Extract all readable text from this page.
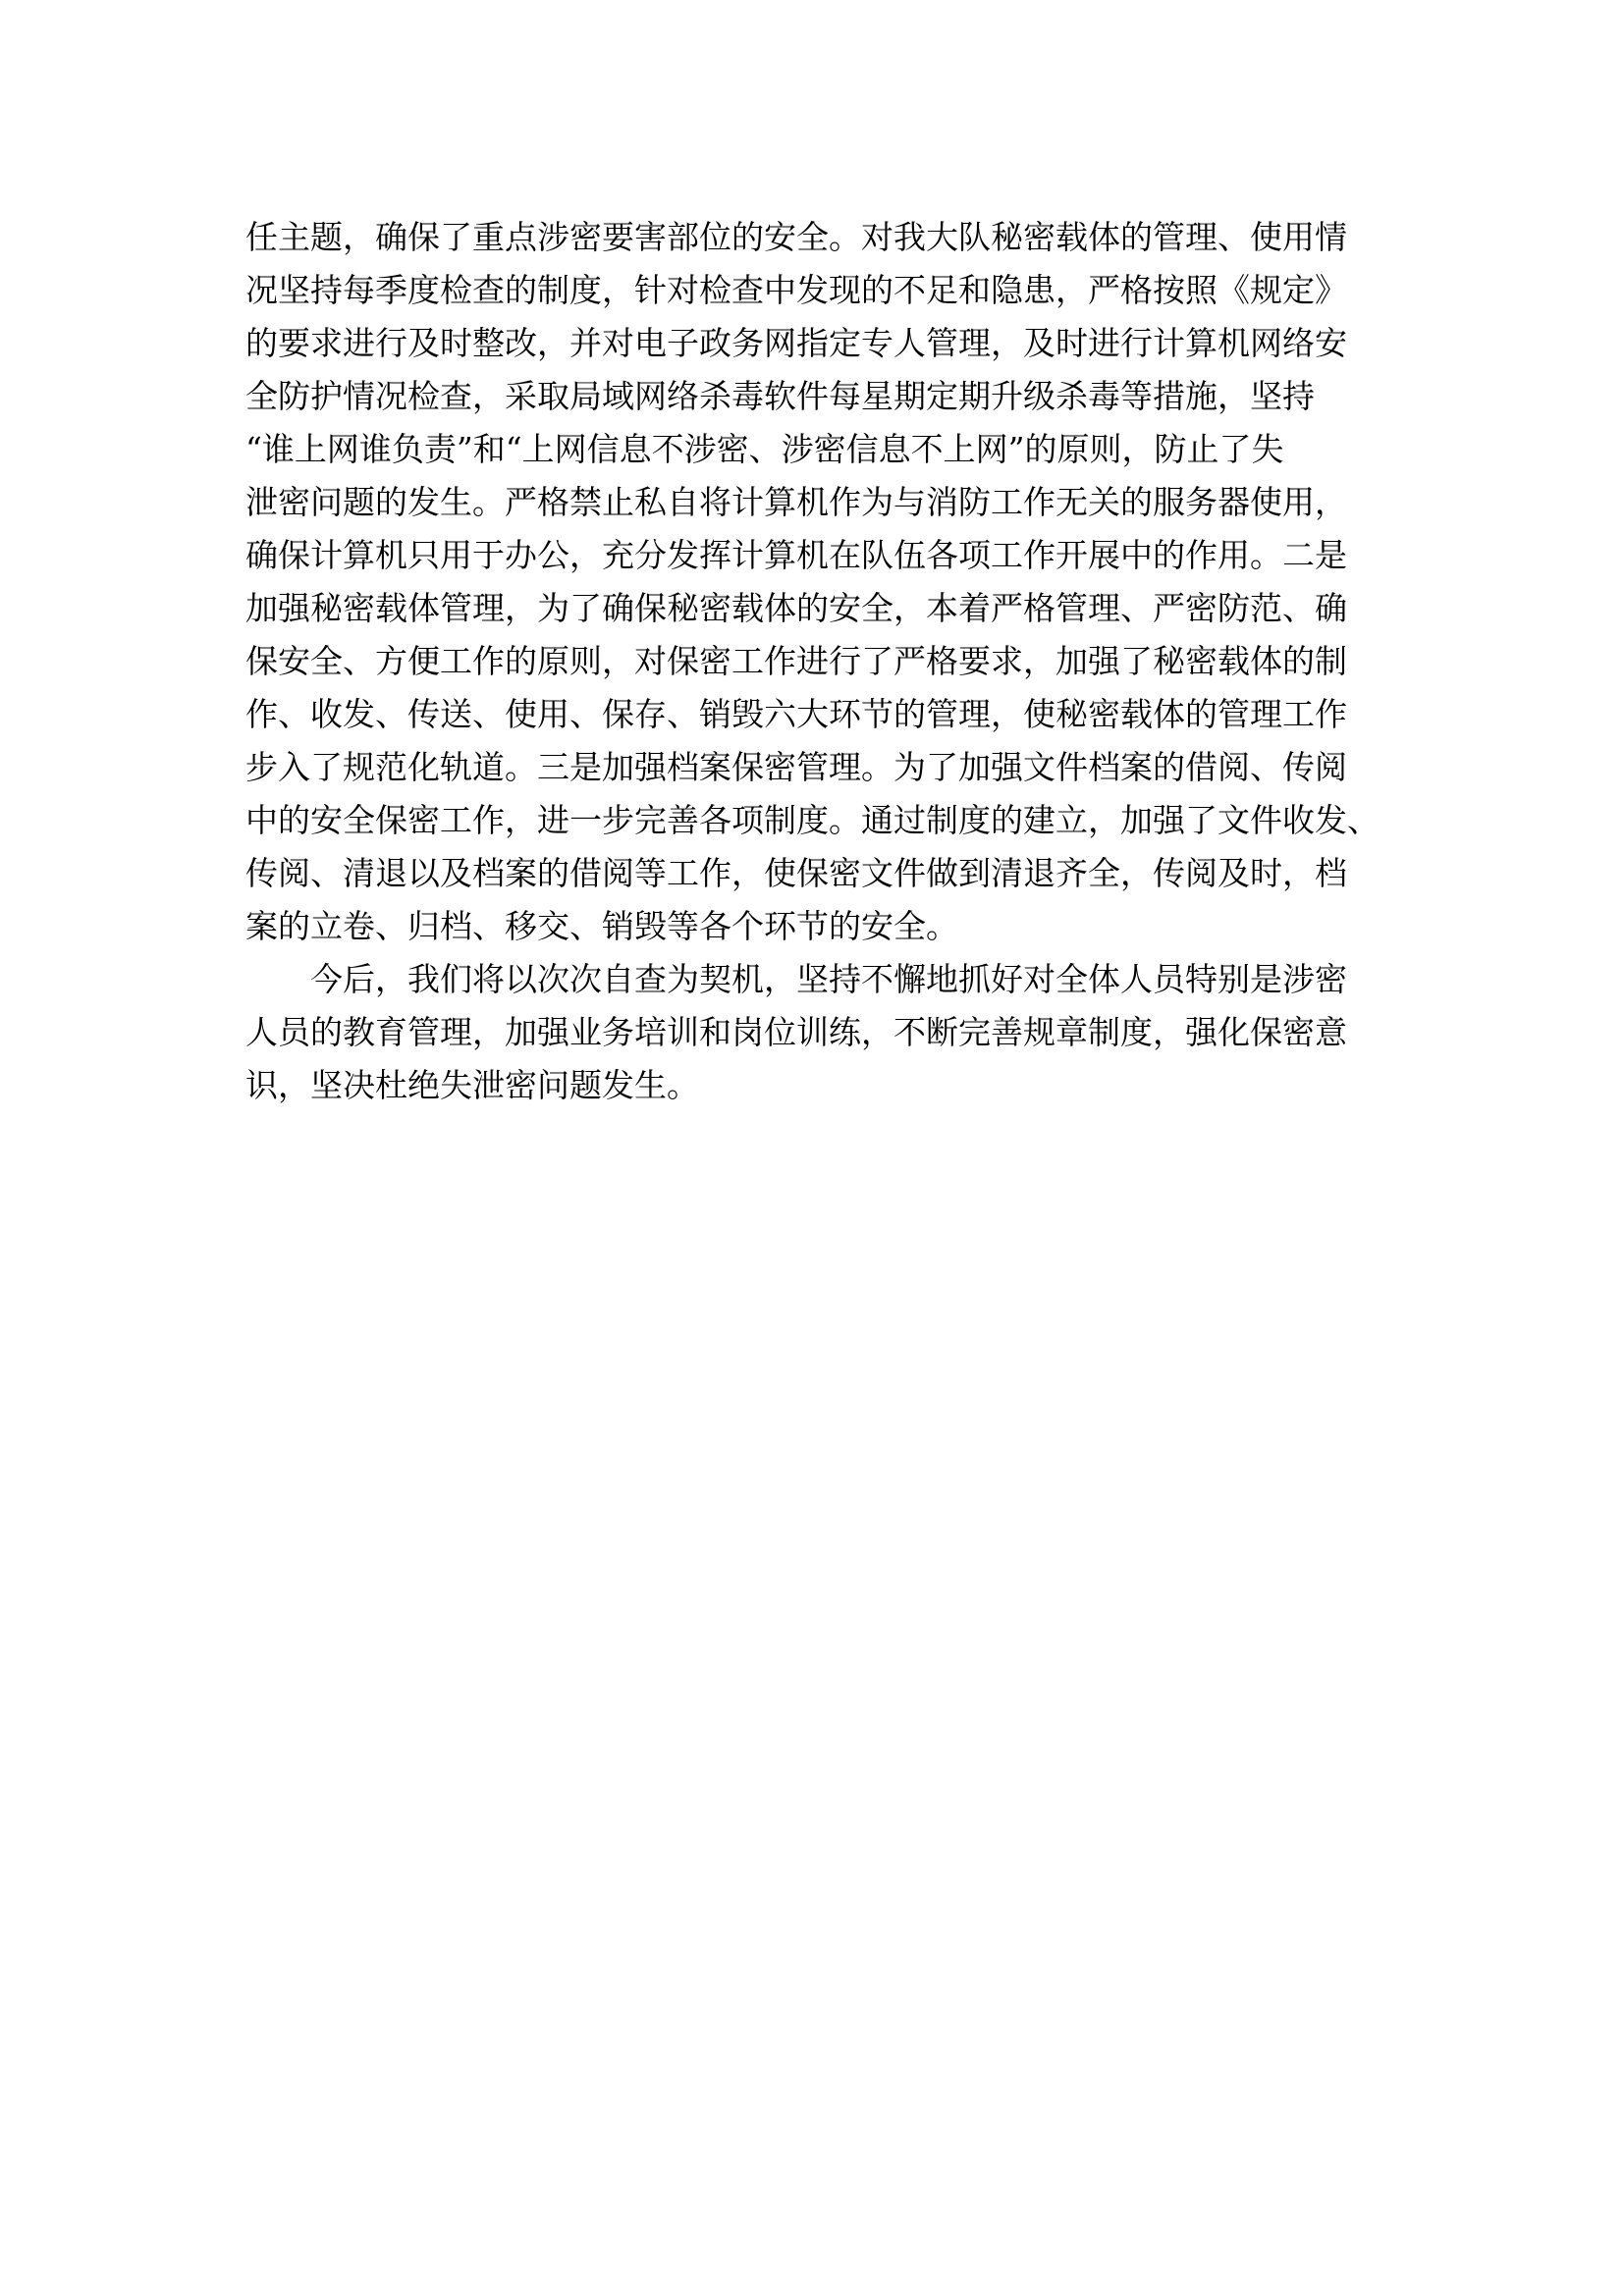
任主题，确保了重点涉密要害部位的安全。对我大队秘密载体的管理、使用情
况坚持每季度检查的制度，针对检查中发现的不足和隐患，严格按照《规定》
的要求进行及时整改，并对电子政务网指定专人管理，及时进行计算机网络安
全防护情况检查，采取局域网络杀毒软件每星期定期升级杀毒等措施，坚持
“谁上网谁负责”和“上网信息不涉密、涉密信息不上网”的原则，防止了失
泄密问题的发生。严格禁止私自将计算机作为与消防工作无关的服务器使用，
确保计算机只用于办公，充分发挥计算机在队伍各项工作开展中的作用。二是
加强秘密载体管理，为了确保秘密载体的安全，本着严格管理、严密防范、确
保安全、方便工作的原则，对保密工作进行了严格要求，加强了秘密载体的制
作、收发、传送、使用、保存、销毁六大环节的管理，使秘密载体的管理工作
步入了规范化轨道。三是加强档案保密管理。为了加强文件档案的借阅、传阅
中的安全保密工作，进一步完善各项制度。通过制度的建立，加强了文件收发、
传阅、清退以及档案的借阅等工作，使保密文件做到清退齐全，传阅及时，档
案的立卷、归档、移交、销毁等各个环节的安全。
今后，我们将以次次自查为契机，坚持不懈地抓好对全体人员特别是涉密
人员的教育管理，加强业务培训和岗位训练，不断完善规章制度，强化保密意
识，坚决杜绝失泄密问题发生。
